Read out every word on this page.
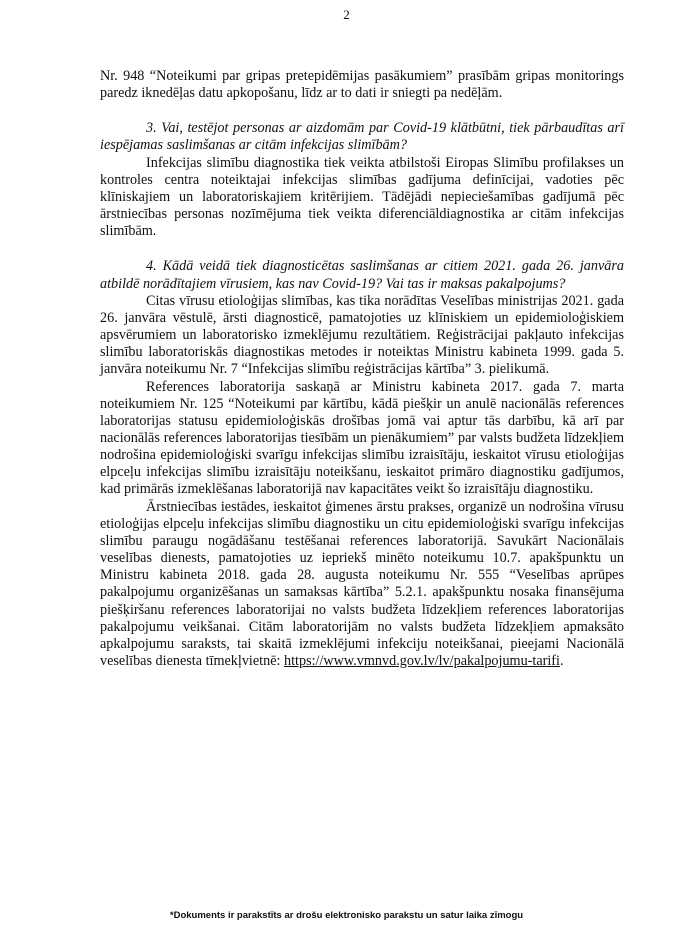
2

Nr. 948 “Noteikumi par gripas pretepidēmijas pasākumiem” prasībām gripas monitorings paredz iknedēļas datu apkopošanu, līdz ar to dati ir sniegti pa nedēļām.

3. Vai, testējot personas ar aizdomām par Covid-19 klātbūtni, tiek pārbaudītas arī iespējamas saslimšanas ar citām infekcijas slimībām?

Infekcijas slimību diagnostika tiek veikta atbilstoši Eiropas Slimību profilakses un kontroles centra noteiktajai infekcijas slimības gadījuma definīcijai, vadoties pēc klīniskajiem un laboratoriskajiem kritērijiem. Tādējādi nepieciešamības gadījumā pēc ārstniecības personas nozīmējuma tiek veikta diferenciāldiagnostika ar citām infekcijas slimībām.

4. Kādā veidā tiek diagnosticētas saslimšanas ar citiem 2021. gada 26. janvāra atbildē norādītajiem vīrusiem, kas nav Covid-19? Vai tas ir maksas pakalpojums?

Citas vīrusu etioloģijas slimības, kas tika norādītas Veselības ministrijas 2021. gada 26. janvāra vēstulē, ārsti diagnosticē, pamatojoties uz klīniskiem un epidemioloģiskiem apsvērumiem un laboratorisko izmeklējumu rezultātiem. Reģistrācijai pakļauto infekcijas slimību laboratoriskās diagnostikas metodes ir noteiktas Ministru kabineta 1999. gada 5. janvāra noteikumu Nr. 7 “Infekcijas slimību reģistrācijas kārtība” 3. pielikumā.

References laboratorija saskaņā ar Ministru kabineta 2017. gada 7. marta noteikumiem Nr. 125 “Noteikumi par kārtību, kādā piešķir un anulē nacionālās references laboratorijas statusu epidemioloģiskās drošības jomā vai aptur tās darbību, kā arī par nacionālās references laboratorijas tiesībām un pienākumiem” par valsts budžeta līdzekļiem nodrošina epidemioloģiski svarīgu infekcijas slimību izraisītāju, ieskaitot vīrusu etioloģijas elpceļu infekcijas slimību izraisītāju noteikšanu, ieskaitot primāro diagnostiku gadījumos, kad primārās izmeklēšanas laboratorijā nav kapacitātes veikt šo izraisītāju diagnostiku.

Ārstniecības iestādes, ieskaitot ģimenes ārstu prakses, organizē un nodrošina vīrusu etioloģijas elpceļu infekcijas slimību diagnostiku un citu epidemioloģiski svarīgu infekcijas slimību paraugu nogādāšanu testēšanai references laboratorijā. Savukārt Nacionālais veselības dienests, pamatojoties uz iepriekš minēto noteikumu 10.7. apakšpunktu un Ministru kabineta 2018. gada 28. augusta noteikumu Nr. 555 “Veselības aprūpes pakalpojumu organizēšanas un samaksas kārtība” 5.2.1. apakšpunktu nosaka finansējuma piešķiršanu references laboratorijai no valsts budžeta līdzekļiem references laboratorijas pakalpojumu veikšanai. Citām laboratorijām no valsts budžeta līdzekļiem apmaksāto apkalpojumu saraksts, tai skaitā izmeklējumi infekciju noteikšanai, pieejami Nacionālā veselības dienesta tīmekļvietnē: https://www.vmnvd.gov.lv/lv/pakalpojumu-tarifi.

*Dokuments ir parakstīts ar drošu elektronisko parakstu un satur laika zīmogu
